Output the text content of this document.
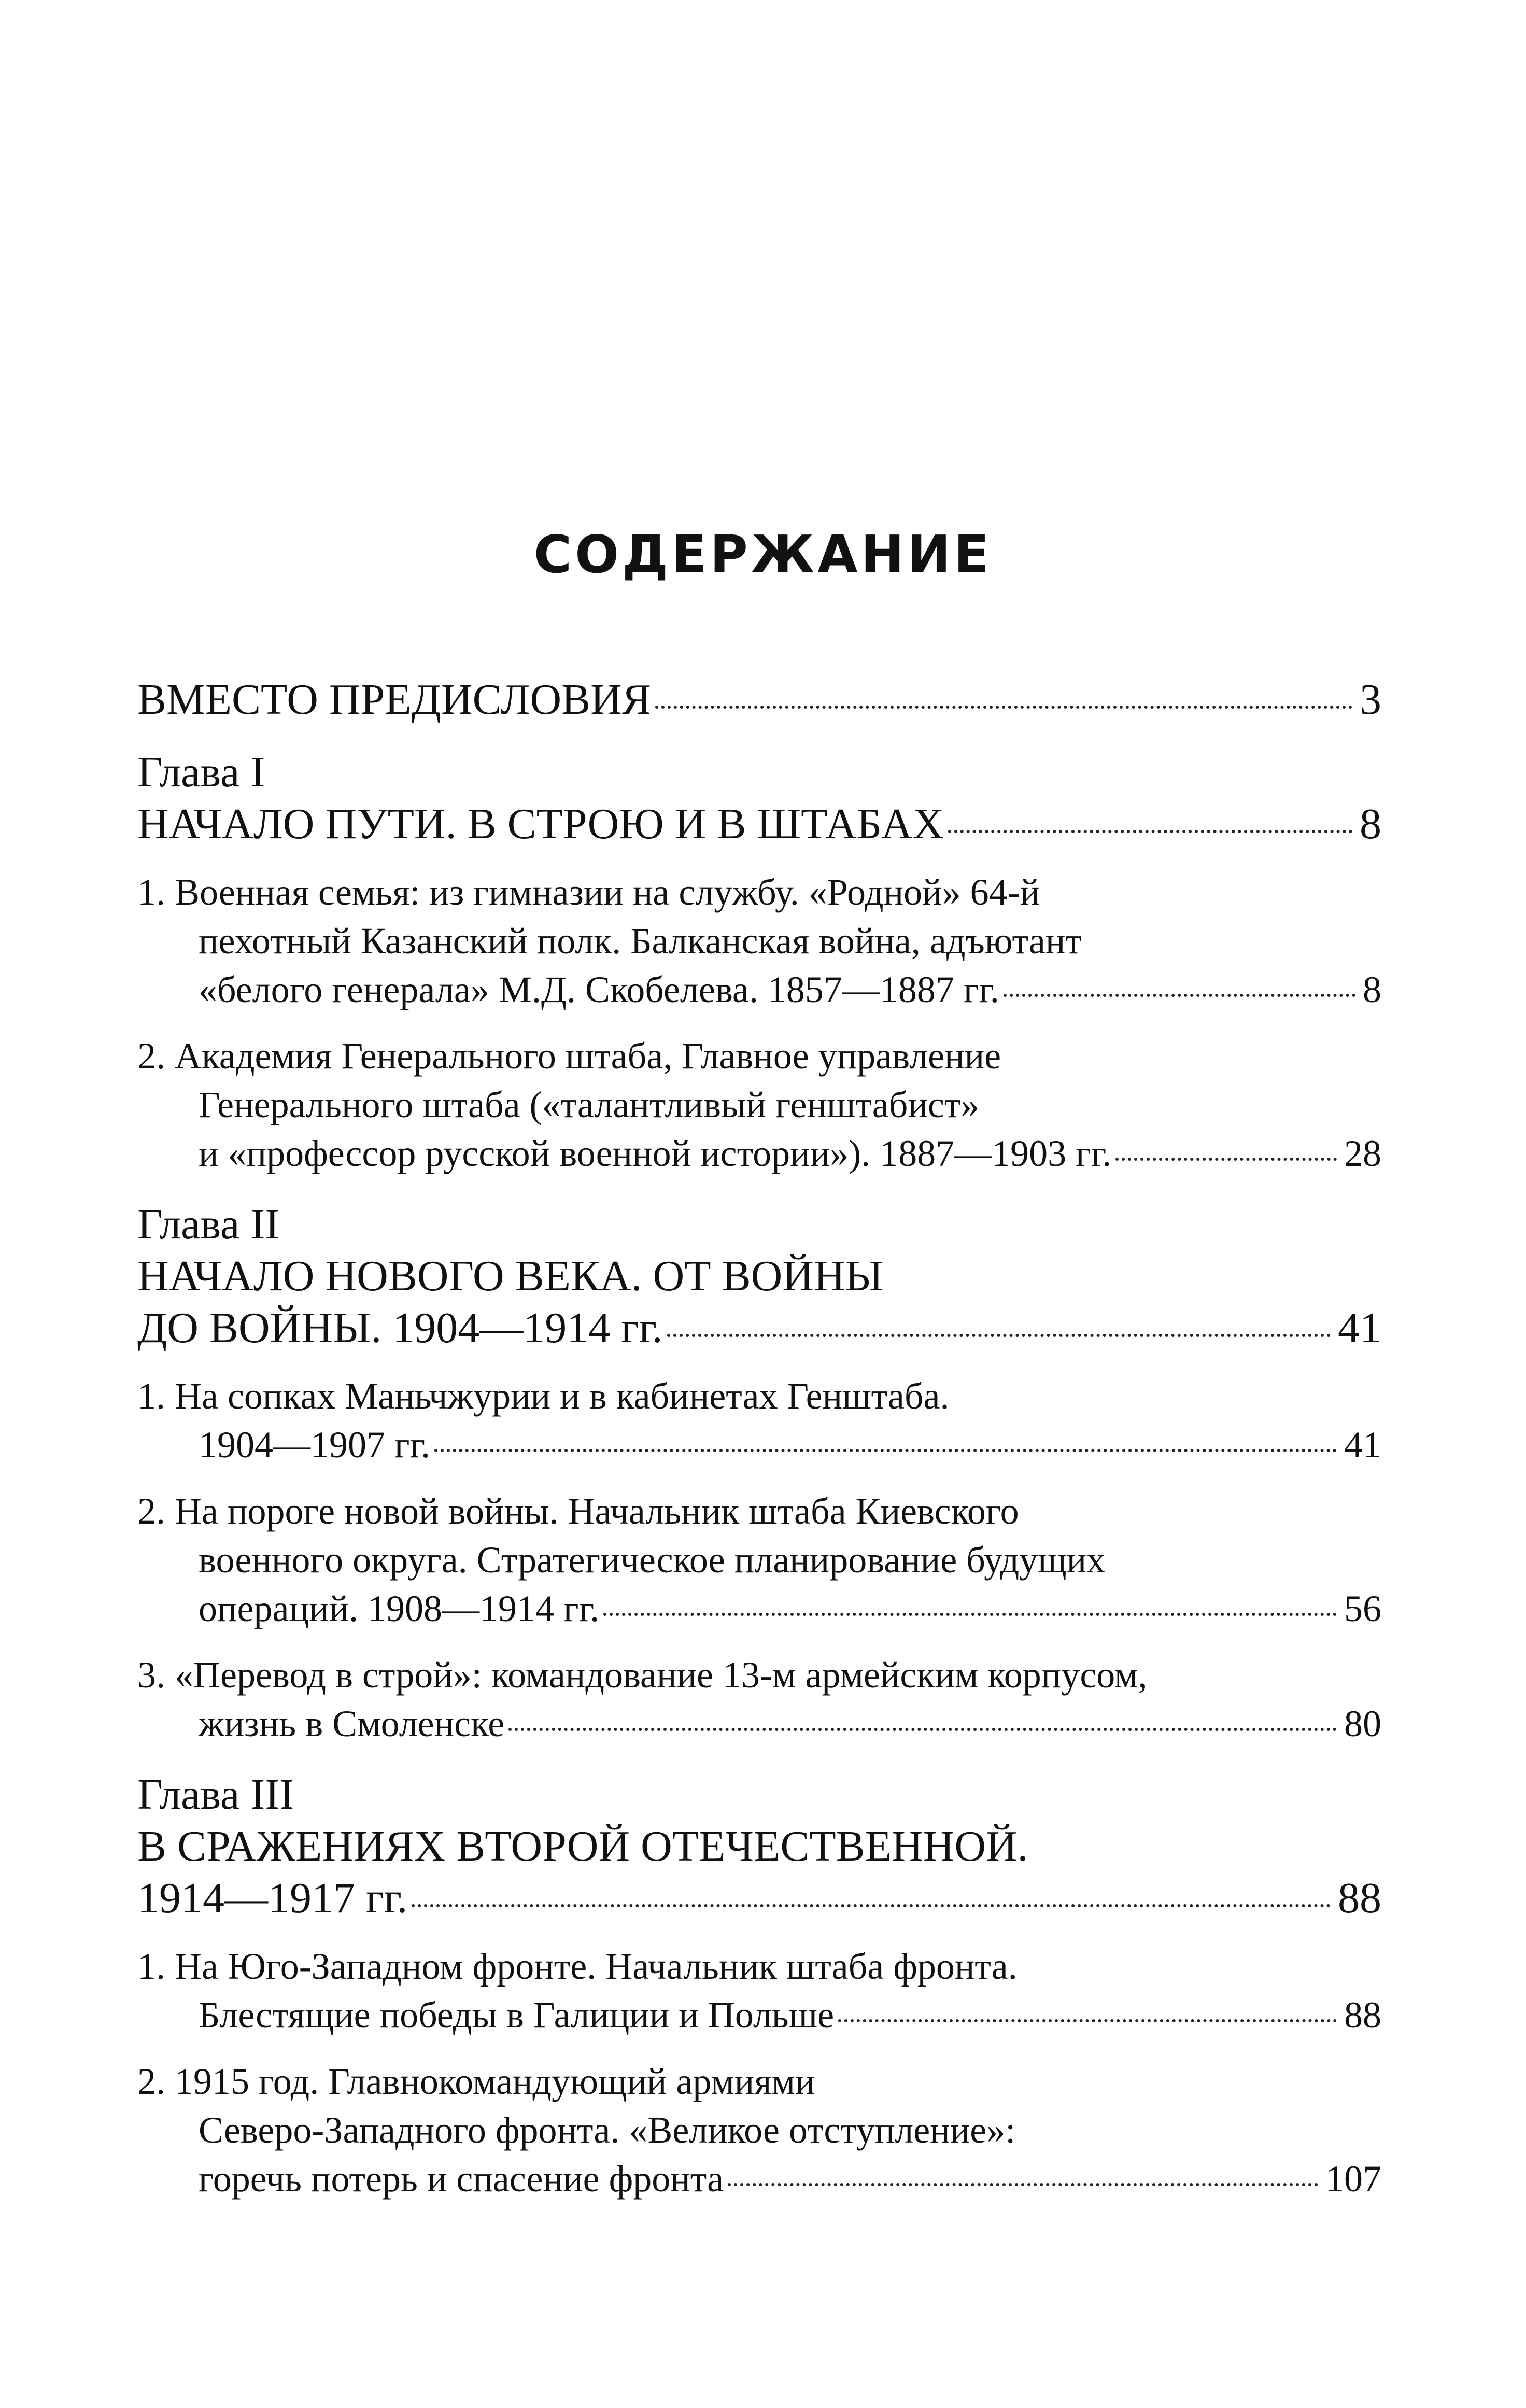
СОДЕРЖАНИЕ
ВМЕСТО ПРЕДИСЛОВИЯ	3
Глава I
НАЧАЛО ПУТИ. В СТРОЮ И В ШТАБАХ	8
1. Военная семья: из гимназии на службу. «Родной» 64-й
пехотный Казанский полк. Балканская война, адъютант
«белого генерала» М.Д. Скобелева. 1857—1887 гг.	8
2. Академия Генерального штаба, Главное управление
Генерального штаба («талантливый генштабист»
и «профессор русской военной истории»). 1887—1903 гг.	28
Глава II
НАЧАЛО НОВОГО ВЕКА. ОТ ВОЙНЫ
ДО ВОЙНЫ. 1904—1914 гг.	41
1. На сопках Маньчжурии и в кабинетах Генштаба.
1904—1907 гг.	41
2. На пороге новой войны. Начальник штаба Киевского
военного округа. Стратегическое планирование будущих
операций. 1908—1914 гг.	56
3. «Перевод в строй»: командование 13-м армейским корпусом,
жизнь в Смоленске	80
Глава III
В СРАЖЕНИЯХ ВТОРОЙ ОТЕЧЕСТВЕННОЙ.
1914—1917 гг.	88
1. На Юго-Западном фронте. Начальник штаба фронта.
Блестящие победы в Галиции и Польше	88
2. 1915 год. Главнокомандующий армиями
Северо-Западного фронта. «Великое отступление»:
горечь потерь и спасение фронта	107
